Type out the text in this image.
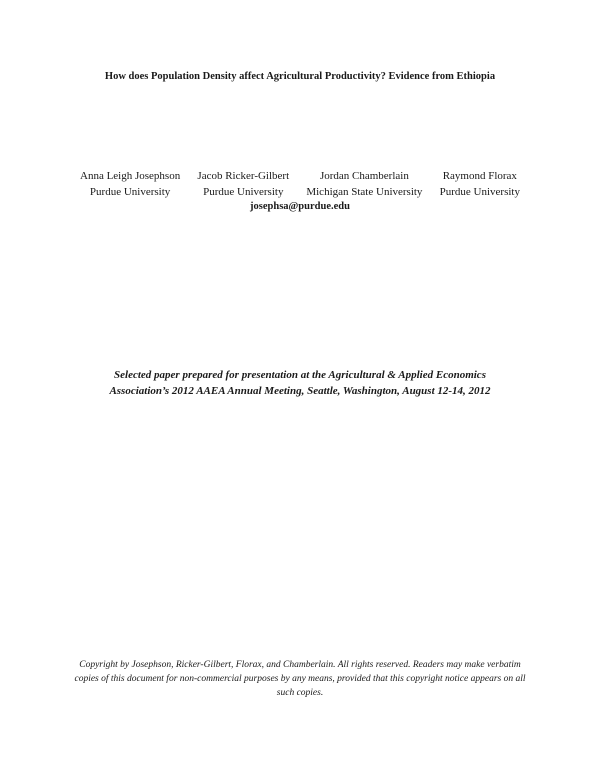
How does Population Density affect Agricultural Productivity? Evidence from Ethiopia
Anna Leigh Josephson
Purdue University
Jacob Ricker-Gilbert
Purdue University
Jordan Chamberlain
Michigan State University
Raymond Florax
Purdue University
josephsa@purdue.edu
Selected paper prepared for presentation at the Agricultural & Applied Economics
Association’s 2012 AAEA Annual Meeting, Seattle, Washington, August 12-14, 2012
Copyright by Josephson, Ricker-Gilbert, Florax, and Chamberlain. All rights reserved. Readers may make verbatim
copies of this document for non-commercial purposes by any means, provided that this copyright notice appears on all
such copies.
